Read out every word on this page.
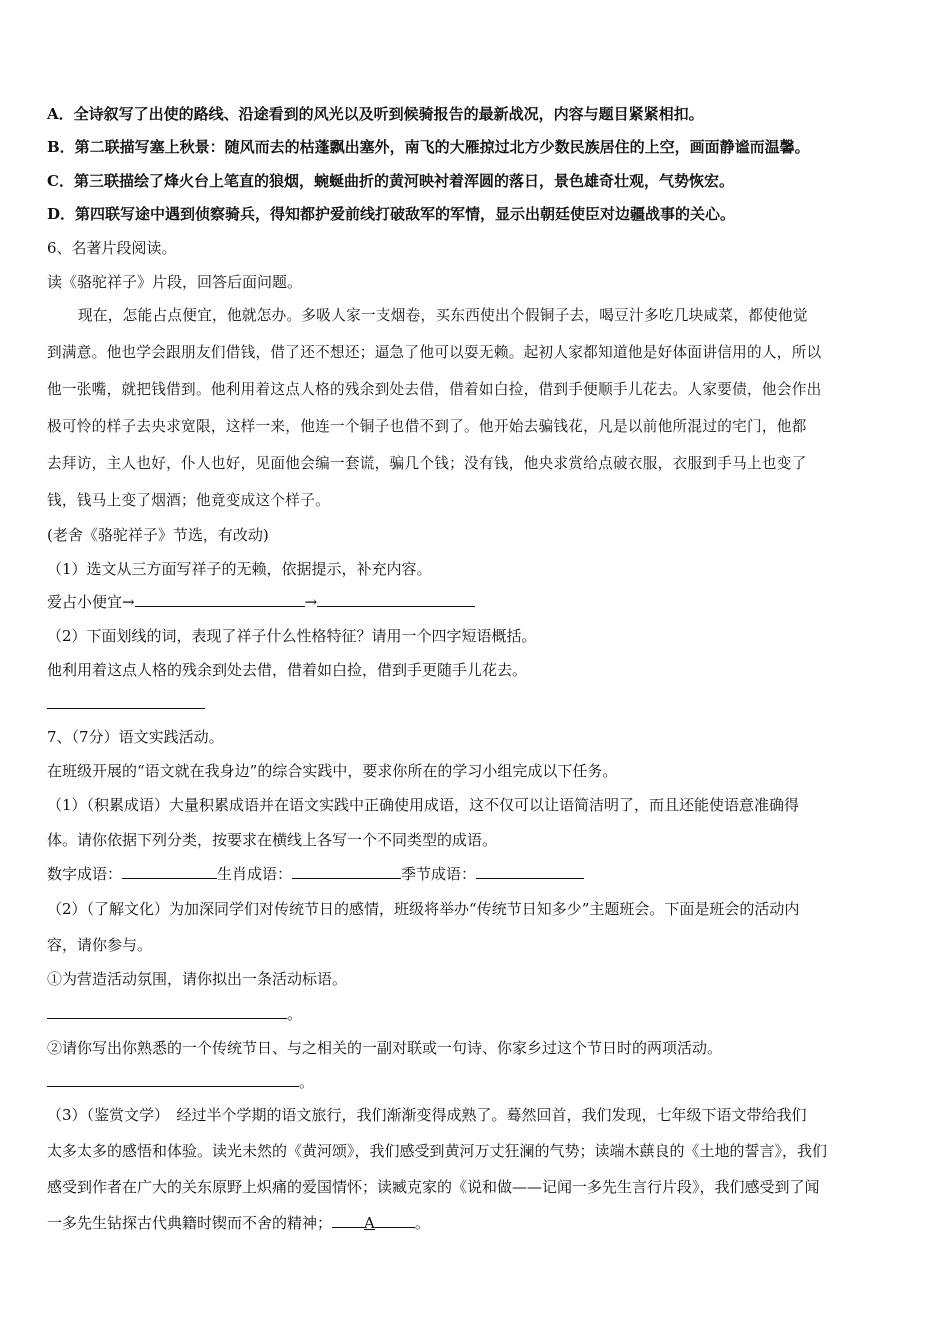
A．全诗叙写了出使的路线、沿途看到的风光以及听到候骑报告的最新战况，内容与题目紧紧相扣。
B．第二联描写塞上秋景：随风而去的枯蓬飘出塞外，南飞的大雁掠过北方少数民族居住的上空，画面静谧而温馨。
C．第三联描绘了烽火台上笔直的狼烟，蜿蜒曲折的黄河映衬着浑圆的落日，景色雄奇壮观，气势恢宏。
D．第四联写途中遇到侦察骑兵，得知都护爱前线打破敌军的军情，显示出朝廷使臣对边疆战事的关心。
6、名著片段阅读。
读《骆驼祥子》片段，回答后面问题。
现在，怎能占点便宜，他就怎办。多吸人家一支烟卷，买东西使出个假铜子去，喝豆汁多吃几块咸菜，都使他觉
到满意。他也学会跟朋友们借钱，借了还不想还；逼急了他可以耍无赖。起初人家都知道他是好体面讲信用的人，所以
他一张嘴，就把钱借到。他利用着这点人格的残余到处去借，借着如白捡，借到手便顺手儿花去。人家要债，他会作出
极可怜的样子去央求宽限，这样一来，他连一个铜子也借不到了。他开始去骗钱花，凡是以前他所混过的宅门，他都
去拜访，主人也好，仆人也好，见面他会编一套谎，骗几个钱；没有钱，他央求赏给点破衣服，衣服到手马上也变了
钱，钱马上变了烟酒；他竟变成这个样子。
(老舍《骆驼祥子》节选，有改动)
（1）选文从三方面写祥子的无赖，依据提示，补充内容。
爱占小便宜→	→
（2）下面划线的词，表现了祥子什么性格特征？请用一个四字短语概括。
他利用着这点人格的残余到处去借，借着如白捡，借到手更随手儿花去。
7、（7分）语文实践活动。
在班级开展的“语文就在我身边”的综合实践中，要求你所在的学习小组完成以下任务。
（1）（积累成语）大量积累成语并在语文实践中正确使用成语，这不仅可以让语简洁明了，而且还能使语意准确得
体。请你依据下列分类，按要求在横线上各写一个不同类型的成语。
数字成语：	生肖成语：	季节成语：
（2）（了解文化）为加深同学们对传统节日的感情，班级将举办“传统节日知多少”主题班会。下面是班会的活动内
容，请你参与。
①为营造活动氛围，请你拟出一条活动标语。
。
②请你写出你熟悉的一个传统节日、与之相关的一副对联或一句诗、你家乡过这个节日时的两项活动。
。
（3）（鉴赏文学）　经过半个学期的语文旅行，我们渐渐变得成熟了。蓦然回首，我们发现，七年级下语文带给我们
太多太多的感悟和体验。读光未然的《黄河颂》，我们感受到黄河万丈狂澜的气势；读端木蕻良的《土地的誓言》，我们
感受到作者在广大的关东原野上炽痛的爱国情怀；读臧克家的《说和做——记闻一多先生言行片段》，我们感受到了闻
一多先生钻探古代典籍时锲而不舍的精神； A	。
